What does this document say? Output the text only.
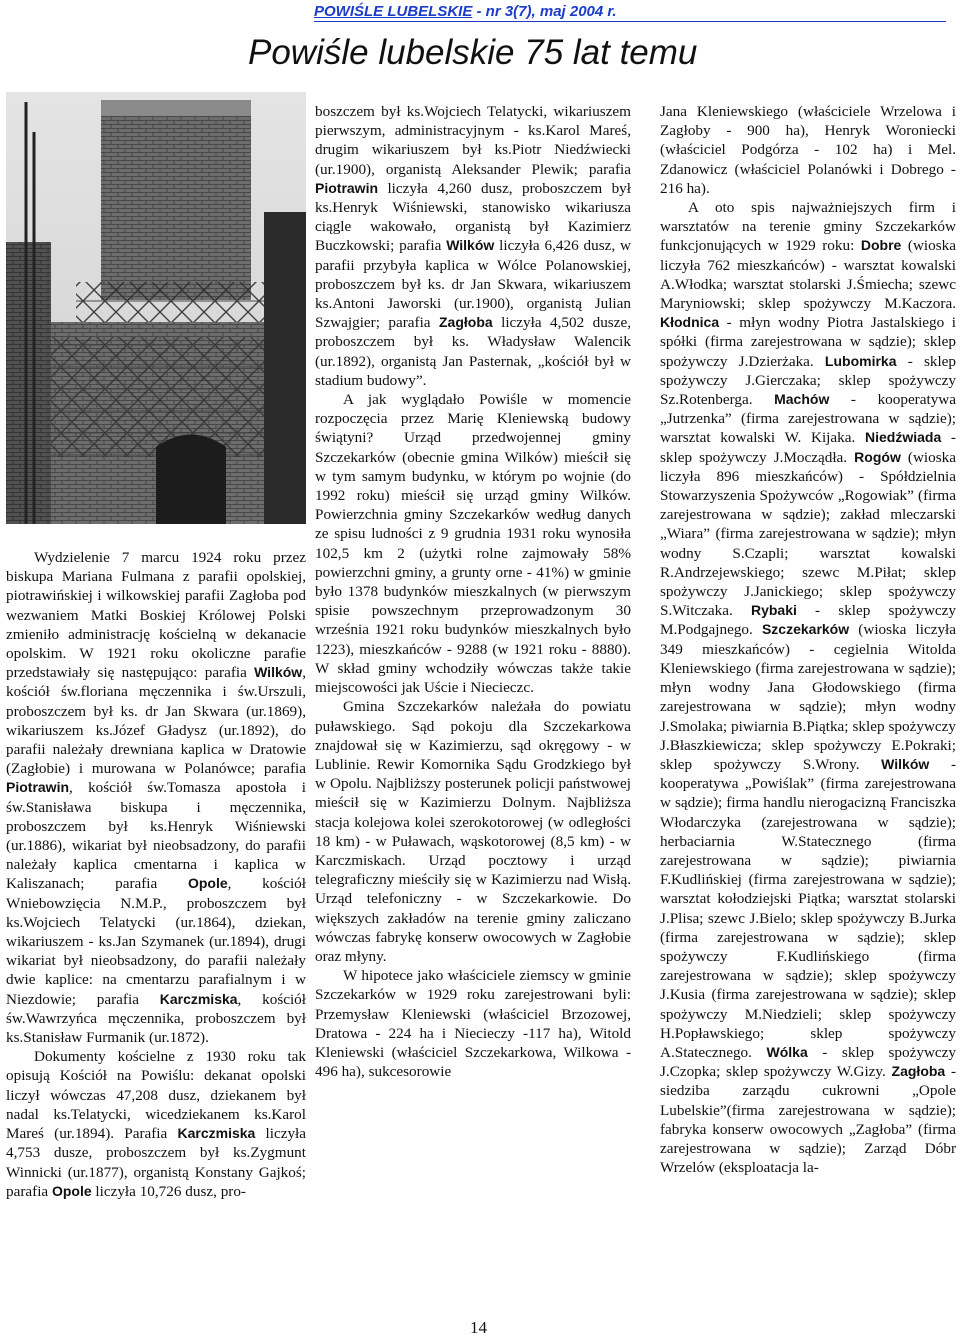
POWIŚLE LUBELSKIE - nr 3(7), maj 2004 r.
Powiśle lubelskie 75 lat temu

Wydzielenie 7 marcu 1924 roku przez biskupa Mariana Fulmana z parafii opolskiej, piotrawińskiej i wilkowskiej parafii Zagłoba pod wezwaniem Matki Boskiej Królowej Polski zmieniło administrację kościelną w dekanacie opolskim. W 1921 roku okoliczne parafie przedstawiały się następująco: parafia Wilków, kościół św.floriana męczennika i św.Urszuli, proboszczem był ks. dr Jan Skwara (ur.1869), wikariuszem ks.Józef Gładysz (ur.1892), do parafii należały drewniana kaplica w Dratowie (Zagłobie) i murowana w Polanówce; parafia Piotrawin, kościół św.Tomasza apostoła i św.Stanisława biskupa i męczennika, proboszczem był ks.Henryk Wiśniewski (ur.1886), wikariat był nieobsadzony, do parafii należały kaplica cmentarna i kaplica w Kaliszanach; parafia Opole, kościół Wniebowzięcia N.M.P., proboszczem był ks.Wojciech Telatycki (ur.1864), dziekan, wikariuszem - ks.Jan Szymanek (ur.1894), drugi wikariat był nieobsadzony, do parafii należały dwie kaplice: na cmentarzu parafialnym i w Niezdowie; parafia Karczmiska, kościół św.Wawrzyńca męczennika, proboszczem był ks.Stanisław Furmanik (ur.1872).

Dokumenty kościelne z 1930 roku tak opisują Kościół na Powiślu: dekanat opolski liczył wówczas 47,208 dusz, dziekanem był nadal ks.Telatycki, wicedziekanem ks.Karol Mareś (ur.1894). Parafia Karczmiska liczyła 4,753 dusze, proboszczem był ks.Zygmunt Winnicki (ur.1877), organistą Konstany Gajkoś; parafia Opole liczyła 10,726 dusz, pro-

boszczem był ks.Wojciech Telatycki, wikariuszem pierwszym, administracyjnym - ks.Karol Mareś, drugim wikariuszem był ks.Piotr Niedźwiecki (ur.1900), organistą Aleksander Plewik; parafia Piotrawin liczyła 4,260 dusz, proboszczem był ks.Henryk Wiśniewski, stanowisko wikariusza ciągle wakowało, organistą był Kazimierz Buczkowski; parafia Wilków liczyła 6,426 dusz, w parafii przybyła kaplica w Wólce Polanowskiej, proboszczem był ks. dr Jan Skwara, wikariuszem ks.Antoni Jaworski (ur.1900), organistą Julian Szwajgier; parafia Zagłoba liczyła 4,502 dusze, proboszczem był ks. Władysław Walencik (ur.1892), organistą Jan Pasternak, „kościół był w stadium budowy”.

A jak wyglądało Powiśle w momencie rozpoczęcia przez Marię Kleniewską budowy świątyni? Urząd przedwojennej gminy Szczekarków (obecnie gmina Wilków) mieścił się w tym samym budynku, w którym po wojnie (do 1992 roku) mieścił się urząd gminy Wilków. Powierzchnia gminy Szczekarków według danych ze spisu ludności z 9 grudnia 1931 roku wynosiła 102,5 km 2 (użytki rolne zajmowały 58% powierzchni gminy, a grunty orne - 41%) w gminie było 1378 budynków mieszkalnych (w pierwszym spisie powszechnym przeprowadzonym 30 września 1921 roku budynków mieszkalnych było 1223), mieszkańców - 9288 (w 1921 roku - 8880). W skład gminy wchodziły wówczas także takie miejscowości jak Uście i Niecieczc.

Gmina Szczekarków należała do powiatu puławskiego. Sąd pokoju dla Szczekarkowa znajdował się w Kazimierzu, sąd okręgowy - w Lublinie. Rewir Komornika Sądu Grodzkiego był w Opolu. Najbliższy posterunek policji państwowej mieścił się w Kazimierzu Dolnym. Najbliższa stacja kolejowa kolei szerokotorowej (w odległości 18 km) - w Puławach, wąskotorowej (8,5 km) - w Karczmiskach. Urząd pocztowy i urząd telegraficzny mieściły się w Kazimierzu nad Wisłą. Urząd telefoniczny - w Szczekarkowie. Do większych zakładów na terenie gminy zaliczano wówczas fabrykę konserw owocowych w Zagłobie oraz młyny.

W hipotece jako właściciele ziemscy w gminie Szczekarków w 1929 roku zarejestrowani byli: Przemysław Kleniewski (właściciel Brzozowej, Dratowa - 224 ha i Niecieczy -117 ha), Witold Kleniewski (właściciel Szczekarkowa, Wilkowa - 496 ha), sukcesorowie

Jana Kleniewskiego (właściciele Wrzelowa i Zagłoby - 900 ha), Henryk Woroniecki (właściciel Podgórza - 102 ha) i Mel. Zdanowicz (właściciel Polanówki i Dobrego - 216 ha).

A oto spis najważniejszych firm i warsztatów na terenie gminy Szczekarków funkcjonujących w 1929 roku: Dobre (wioska liczyła 762 mieszkańców) - warsztat kowalski A.Włodka; warsztat stolarski J.Śmiecha; szewc Maryniowski; sklep spożywczy M.Kaczora. Kłodnica - młyn wodny Piotra Jastalskiego i spółki (firma zarejestrowana w sądzie); sklep spożywczy J.Dzierżaka. Lubomirka - sklep spożywczy J.Gierczaka; sklep spożywczy Sz.Rotenberga. Machów - kooperatywa „Jutrzenka” (firma zarejestrowana w sądzie); warsztat kowalski W. Kijaka. Niedźwiada - sklep spożywczy J.Mocządła. Rogów (wioska liczyła 896 mieszkańców) - Spółdzielnia Stowarzyszenia Spożywców „Rogowiak” (firma zarejestrowana w sądzie); zakład mleczarski „Wiara” (firma zarejestrowana w sądzie); młyn wodny S.Czapli; warsztat kowalski R.Andrzejewskiego; szewc M.Piłat; sklep spożywczy J.Janickiego; sklep spożywczy S.Witczaka. Rybaki - sklep spożywczy M.Podgajnego. Szczekarków (wioska liczyła 349 mieszkańców) - cegielnia Witolda Kleniewskiego (firma zarejestrowana w sądzie); młyn wodny Jana Głodowskiego (firma zarejestrowana w sądzie); młyn wodny J.Smolaka; piwiarnia B.Piątka; sklep spożywczy J.Błaszkiewicza; sklep spożywczy E.Pokraki; sklep spożywczy S.Wrony. Wilków - kooperatywa „Powiślak” (firma zarejestrowana w sądzie); firma handlu nierogacizną Franciszka Włodarczyka (zarejestrowana w sądzie); herbaciarnia W.Statecznego (firma zarejestrowana w sądzie); piwiarnia F.Kudlińskiej (firma zarejestrowana w sądzie); warsztat kołodziejski Piątka; warsztat stolarski J.Plisa; szewc J.Bielo; sklep spożywczy B.Jurka (firma zarejestrowana w sądzie); sklep spożywczy F.Kudlińskiego (firma zarejestrowana w sądzie); sklep spożywczy J.Kusia (firma zarejestrowana w sądzie); sklep spożywczy M.Niedzieli; sklep spożywczy H.Popławskiego; sklep spożywczy A.Statecznego. Wólka - sklep spożywczy J.Czopka; sklep spożywczy W.Gizy. Zagłoba - siedziba zarządu cukrowni „Opole Lubelskie”(firma zarejestrowana w sądzie); fabryka konserw owocowych „Zagłoba” (firma zarejestrowana w sądzie); Zarząd Dóbr Wrzelów (eksploatacja la-

14
